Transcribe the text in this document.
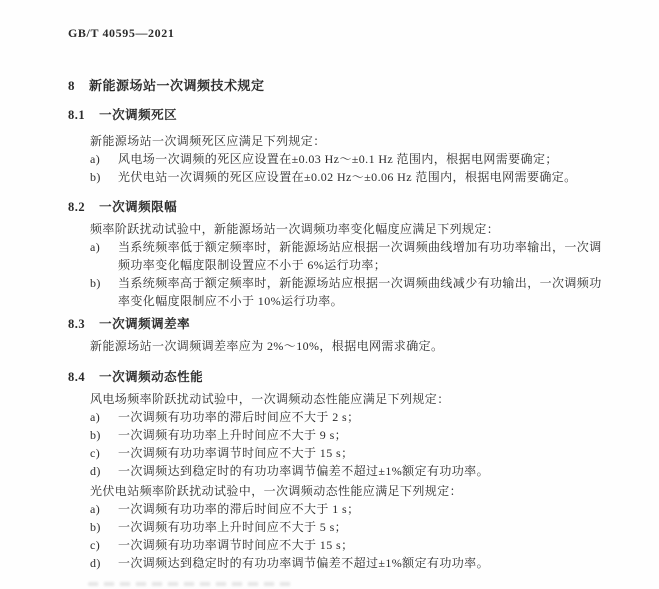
GB/T 40595—2021
8 新能源场站一次调频技术规定
8.1 一次调频死区
新能源场站一次调频死区应满足下列规定：
a)	风电场一次调频的死区应设置在±0.03 Hz～±0.1 Hz 范围内，根据电网需要确定；
b)	光伏电站一次调频的死区应设置在±0.02 Hz～±0.06 Hz 范围内，根据电网需要确定。
8.2 一次调频限幅
频率阶跃扰动试验中，新能源场站一次调频功率变化幅度应满足下列规定：
a)	当系统频率低于额定频率时，新能源场站应根据一次调频曲线增加有功功率输出，一次调频功率变化幅度限制设置应不小于 6%运行功率；
b)	当系统频率高于额定频率时，新能源场站应根据一次调频曲线减少有功输出，一次调频功率变化幅度限制应不小于 10%运行功率。
8.3 一次调频调差率
新能源场站一次调频调差率应为 2%～10%，根据电网需求确定。
8.4 一次调频动态性能
风电场频率阶跃扰动试验中，一次调频动态性能应满足下列规定：
a)	一次调频有功功率的滞后时间应不大于 2 s；
b)	一次调频有功功率上升时间应不大于 9 s；
c)	一次调频有功功率调节时间应不大于 15 s；
d)	一次调频达到稳定时的有功功率调节偏差不超过±1%额定有功功率。
光伏电站频率阶跃扰动试验中，一次调频动态性能应满足下列规定：
a)	一次调频有功功率的滞后时间应不大于 1 s；
b)	一次调频有功功率上升时间应不大于 5 s；
c)	一次调频有功功率调节时间应不大于 15 s；
d)	一次调频达到稳定时的有功功率调节偏差不超过±1%额定有功功率。
